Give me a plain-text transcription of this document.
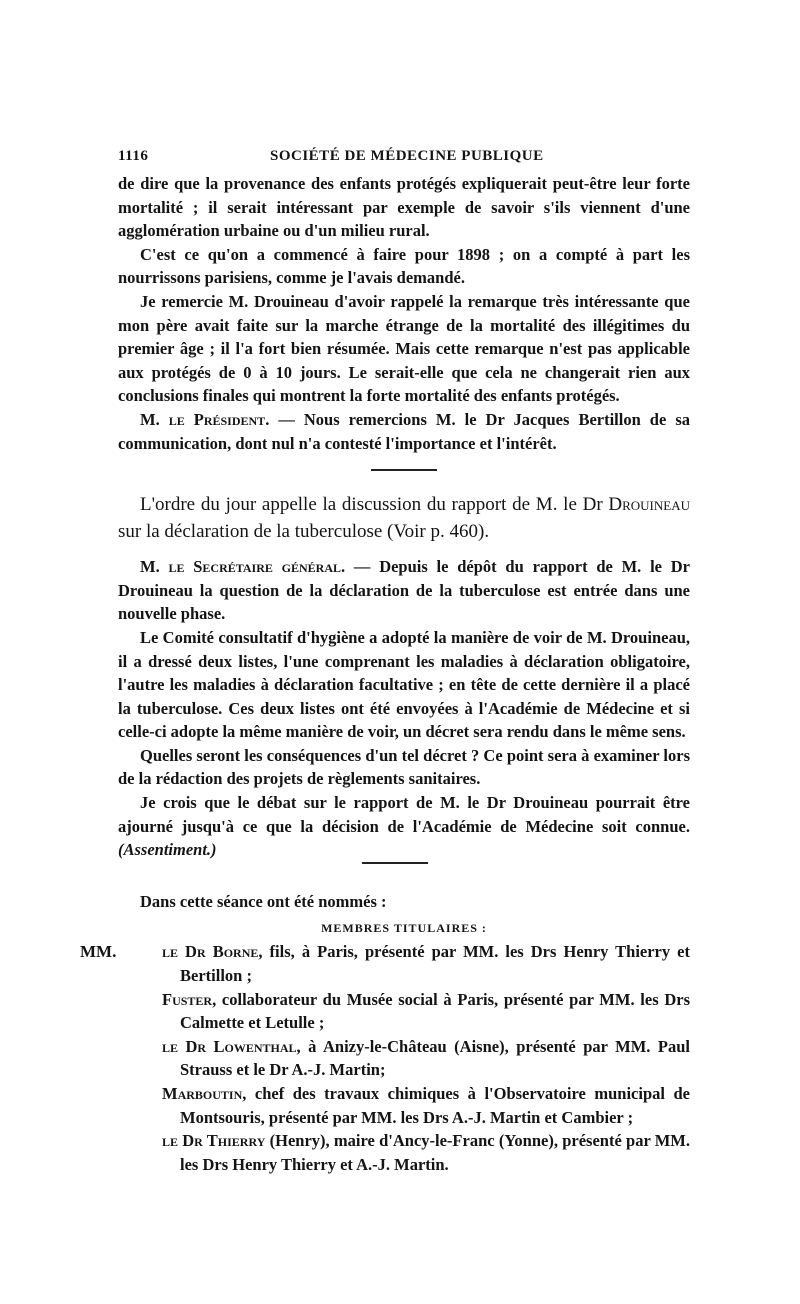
1116	SOCIÉTÉ DE MÉDECINE PUBLIQUE

de dire que la provenance des enfants protégés expliquerait peut-être leur forte mortalité ; il serait intéressant par exemple de savoir s'ils viennent d'une agglomération urbaine ou d'un milieu rural.

C'est ce qu'on a commencé à faire pour 1898 ; on a compté à part les nourrissons parisiens, comme je l'avais demandé.

Je remercie M. Drouineau d'avoir rappelé la remarque très intéressante que mon père avait faite sur la marche étrange de la mortalité des illégitimes du premier âge ; il l'a fort bien résumée. Mais cette remarque n'est pas applicable aux protégés de 0 à 10 jours. Le serait-elle que cela ne changerait rien aux conclusions finales qui montrent la forte mortalité des enfants protégés.

M. le Président. — Nous remercions M. le Dr Jacques Bertillon de sa communication, dont nul n'a contesté l'importance et l'intérêt.

L'ordre du jour appelle la discussion du rapport de M. le Dr Drouineau sur la déclaration de la tuberculose (Voir p. 460).

M. le Secrétaire général. — Depuis le dépôt du rapport de M. le Dr Drouineau la question de la déclaration de la tuberculose est entrée dans une nouvelle phase.

Le Comité consultatif d'hygiène a adopté la manière de voir de M. Drouineau, il a dressé deux listes, l'une comprenant les maladies à déclaration obligatoire, l'autre les maladies à déclaration facultative ; en tête de cette dernière il a placé la tuberculose. Ces deux listes ont été envoyées à l'Académie de Médecine et si celle-ci adopte la même manière de voir, un décret sera rendu dans le même sens.

Quelles seront les conséquences d'un tel décret ? Ce point sera à examiner lors de la rédaction des projets de règlements sanitaires.

Je crois que le débat sur le rapport de M. le Dr Drouineau pourrait être ajourné jusqu'à ce que la décision de l'Académie de Médecine soit connue. (Assentiment.)

Dans cette séance ont été nommés :

MEMBRES TITULAIRES :
MM.	le Dr Borne, fils, à Paris, présenté par MM. les Drs Henry Thierry et Bertillon ;
Fuster, collaborateur du Musée social à Paris, présenté par MM. les Drs Calmette et Letulle ;
le Dr Lowenthal, à Anizy-le-Château (Aisne), présenté par MM. Paul Strauss et le Dr A.-J. Martin;
Marboutin, chef des travaux chimiques à l'Observatoire municipal de Montsouris, présenté par MM. les Drs A.-J. Martin et Cambier ;
le Dr Thierry (Henry), maire d'Ancy-le-Franc (Yonne), présenté par MM. les Drs Henry Thierry et A.-J. Martin.
